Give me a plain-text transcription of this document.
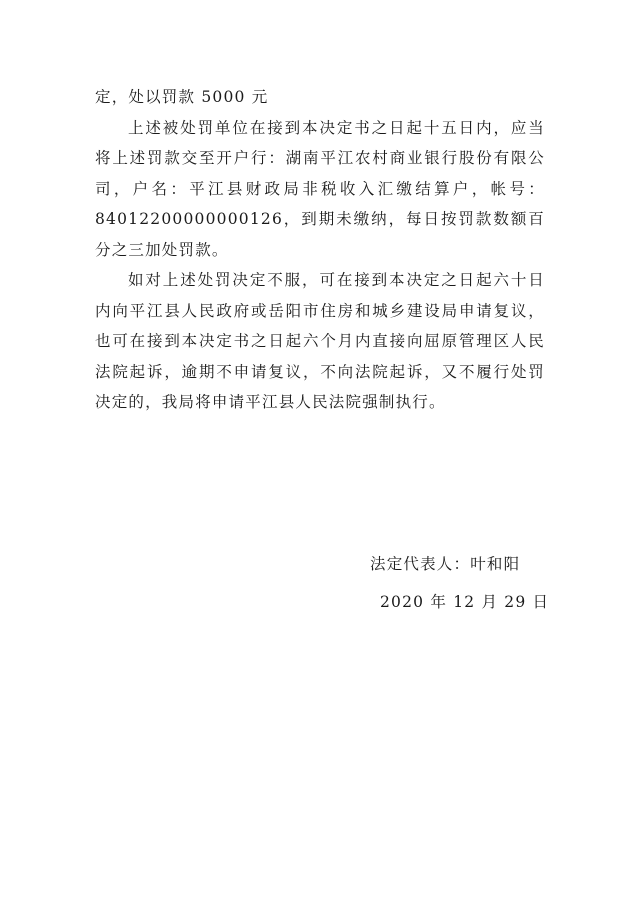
定，处以罚款 5000 元

上述被处罚单位在接到本决定书之日起十五日内，应当将上述罚款交至开户行：湖南平江农村商业银行股份有限公司，户名：平江县财政局非税收入汇缴结算户，帐号：84012200000000126，到期未缴纳，每日按罚款数额百分之三加处罚款。

如对上述处罚决定不服，可在接到本决定之日起六十日内向平江县人民政府或岳阳市住房和城乡建设局申请复议，也可在接到本决定书之日起六个月内直接向屈原管理区人民法院起诉，逾期不申请复议，不向法院起诉，又不履行处罚决定的，我局将申请平江县人民法院强制执行。

法定代表人：叶和阳
2020 年 12 月 29 日
